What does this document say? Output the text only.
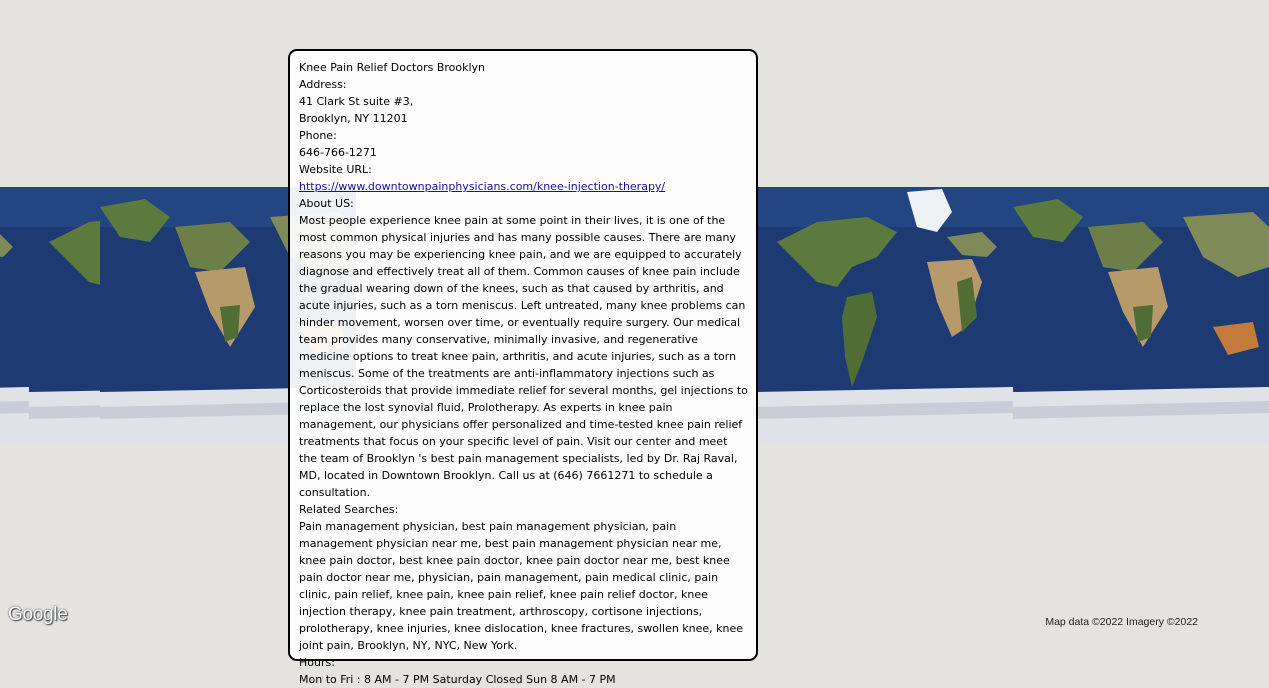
Google	Map data ©2022 Imagery ©2022

Knee Pain Relief Doctors Brooklyn

Address:

41 Clark St suite #3,

Brooklyn, NY 11201

Phone:

646-766-1271

Website URL:

https://www.downtownpainphysicians.com/knee-injection-therapy/

About US:

Most people experience knee pain at some point in their lives, it is one of the most common physical injuries and has many possible causes. There are many reasons you may be experiencing knee pain, and we are equipped to accurately diagnose and effectively treat all of them. Common causes of knee pain include the gradual wearing down of the knees, such as that caused by arthritis, and acute injuries, such as a torn meniscus. Left untreated, many knee problems can hinder movement, worsen over time, or eventually require surgery. Our medical team provides many conservative, minimally invasive, and regenerative medicine options to treat knee pain, arthritis, and acute injuries, such as a torn meniscus. Some of the treatments are anti-inflammatory injections such as Corticosteroids that provide immediate relief for several months, gel injections to replace the lost synovial fluid, Prolotherapy. As experts in knee pain management, our physicians offer personalized and time-tested knee pain relief treatments that focus on your specific level of pain. Visit our center and meet the team of Brooklyn 's best pain management specialists, led by Dr. Raj Raval, MD, located in Downtown Brooklyn. Call us at (646) 7661271 to schedule a consultation.

Related Searches:

Pain management physician, best pain management physician, pain management physician near me, best pain management physician near me, knee pain doctor, best knee pain doctor, knee pain doctor near me, best knee pain doctor near me, physician, pain management, pain medical clinic, pain clinic, pain relief, knee pain, knee pain relief, knee pain relief doctor, knee injection therapy, knee pain treatment, arthroscopy, cortisone injections, prolotherapy, knee injuries, knee dislocation, knee fractures, swollen knee, knee joint pain, Brooklyn, NY, NYC, New York.

Hours:

Mon to Fri : 8 AM - 7 PM Saturday Closed Sun 8 AM - 7 PM
